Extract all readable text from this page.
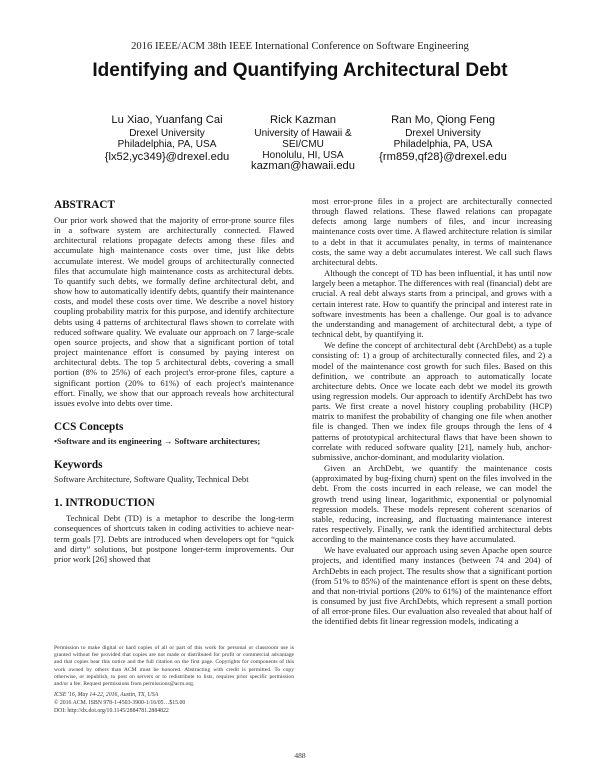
2016 IEEE/ACM 38th IEEE International Conference on Software Engineering
Identifying and Quantifying Architectural Debt
Lu Xiao, Yuanfang Cai
Drexel University
Philadelphia, PA, USA
{lx52,yc349}@drexel.edu
Rick Kazman
University of Hawaii &
SEI/CMU
Honolulu, HI, USA
kazman@hawaii.edu
Ran Mo, Qiong Feng
Drexel University
Philadelphia, PA, USA
{rm859,qf28}@drexel.edu
ABSTRACT

Our prior work showed that the majority of error-prone source files in a software system are architecturally connected. Flawed architectural relations propagate defects among these files and accumulate high maintenance costs over time, just like debts accumulate interest. We model groups of architecturally connected files that accumulate high maintenance costs as architectural debts. To quantify such debts, we formally define architectural debt, and show how to automatically identify debts, quantify their maintenance costs, and model these costs over time. We describe a novel history coupling probability matrix for this purpose, and identify architecture debts using 4 patterns of architectural flaws shown to correlate with reduced software quality. We evaluate our approach on 7 large-scale open source projects, and show that a significant portion of total project maintenance effort is consumed by paying interest on architectural debts. The top 5 architectural debts, covering a small portion (8% to 25%) of each project's error-prone files, capture a significant portion (20% to 61%) of each project's maintenance effort. Finally, we show that our approach reveals how architectural issues evolve into debts over time.

CCS Concepts

•Software and its engineering → Software architectures;

Keywords

Software Architecture, Software Quality, Technical Debt

1. INTRODUCTION

Technical Debt (TD) is a metaphor to describe the long-term consequences of shortcuts taken in coding activities to achieve near-term goals [7]. Debts are introduced when developers opt for “quick and dirty” solutions, but postpone longer-term improvements. Our prior work [26] showed that

Permission to make digital or hard copies of all or part of this work for personal or classroom use is granted without fee provided that copies are not made or distributed for profit or commercial advantage and that copies bear this notice and the full citation on the first page. Copyrights for components of this work owned by others than ACM must be honored. Abstracting with credit is permitted. To copy otherwise, or republish, to post on servers or to redistribute to lists, requires prior specific permission and/or a fee. Request permissions from permissions@acm.org.
ICSE '16, May 14-22, 2016, Austin, TX, USA
© 2016 ACM. ISBN 978-1-4503-3900-1/16/05…$15.00
DOI: http://dx.doi.org/10.1145/2884781.2884822

most error-prone files in a project are architecturally connected through flawed relations. These flawed relations can propagate defects among large numbers of files, and incur increasing maintenance costs over time. A flawed architecture relation is similar to a debt in that it accumulates penalty, in terms of maintenance costs, the same way a debt accumulates interest. We call such flaws architectural debts.

Although the concept of TD has been influential, it has until now largely been a metaphor. The differences with real (financial) debt are crucial. A real debt always starts from a principal, and grows with a certain interest rate. How to quantify the principal and interest rate in software investments has been a challenge. Our goal is to advance the understanding and management of architectural debt, a type of technical debt, by quantifying it.

We define the concept of architectural debt (ArchDebt) as a tuple consisting of: 1) a group of architecturally connected files, and 2) a model of the maintenance cost growth for such files. Based on this definition, we contribute an approach to automatically locate architecture debts. Once we locate each debt we model its growth using regression models. Our approach to identify ArchDebt has two parts. We first create a novel history coupling probability (HCP) matrix to manifest the probability of changing one file when another file is changed. Then we index file groups through the lens of 4 patterns of prototypical architectural flaws that have been shown to correlate with reduced software quality [21], namely hub, anchor-submissive, anchor-dominant, and modularity violation.

Given an ArchDebt, we quantify the maintenance costs (approximated by bug-fixing churn) spent on the files involved in the debt. From the costs incurred in each release, we can model the growth trend using linear, logarithmic, exponential or polynomial regression models. These models represent coherent scenarios of stable, reducing, increasing, and fluctuating maintenance interest rates respectively. Finally, we rank the identified architectural debts according to the maintenance costs they have accumulated.

We have evaluated our approach using seven Apache open source projects, and identified many instances (between 74 and 204) of ArchDebts in each project. The results show that a significant portion (from 51% to 85%) of the maintenance effort is spent on these debts, and that non-trivial portions (20% to 61%) of the maintenance effort is consumed by just five ArchDebts, which represent a small portion of all error-prone files. Our evaluation also revealed that about half of the identified debts fit linear regression models, indicating a

488
